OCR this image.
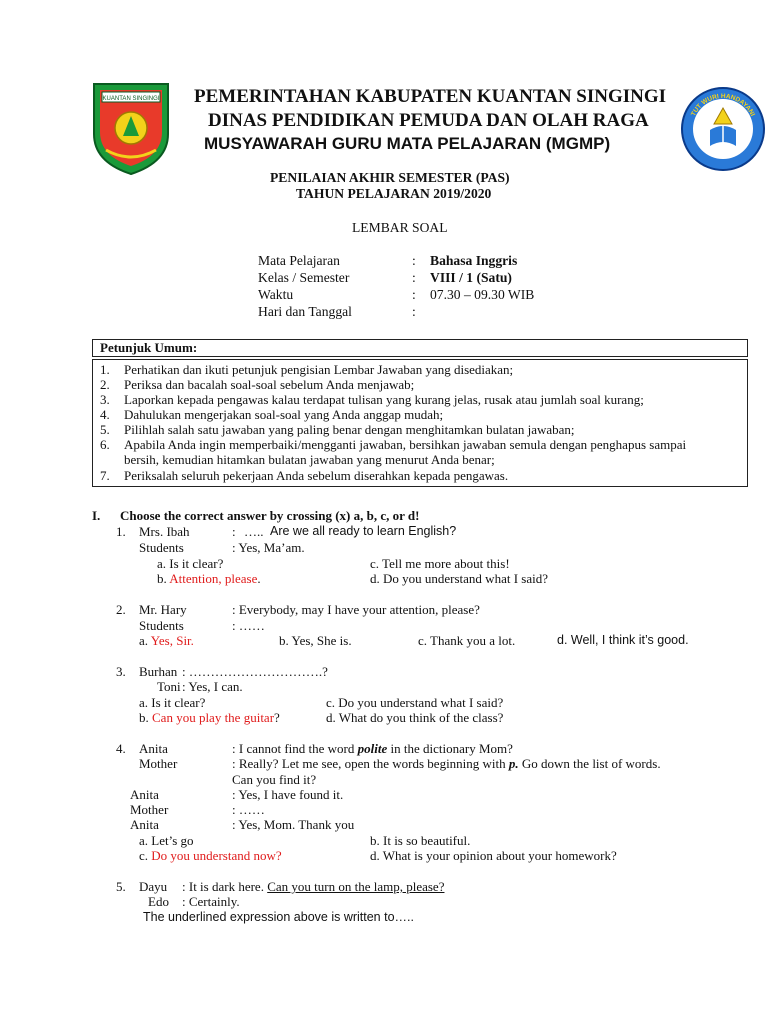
KUANTAN SINGINGI
TUT WURI HANDAYANI
PEMERINTAHAN KABUPATEN KUANTAN SINGINGI
DINAS PENDIDIKAN PEMUDA DAN OLAH RAGA
MUSYAWARAH GURU MATA PELAJARAN (MGMP)
PENILAIAN AKHIR SEMESTER (PAS)
TAHUN PELAJARAN 2019/2020
LEMBAR SOAL
Mata Pelajaran	: Bahasa Inggris
Kelas / Semester	: VIII / 1 (Satu)
Waktu	: 07.30 – 09.30 WIB
Hari dan Tanggal	:
Petunjuk Umum:
1. Perhatikan dan ikuti petunjuk pengisian Lembar Jawaban yang disediakan;
2. Periksa dan bacalah soal-soal sebelum Anda menjawab;
3. Laporkan kepada pengawas kalau terdapat tulisan yang kurang jelas, rusak atau jumlah soal kurang;
4. Dahulukan mengerjakan soal-soal yang Anda anggap mudah;
5. Pilihlah salah satu jawaban yang paling benar dengan menghitamkan bulatan jawaban;
6. Apabila Anda ingin memperbaiki/mengganti jawaban, bersihkan jawaban semula dengan penghapus sampai
bersih, kemudian hitamkan bulatan jawaban yang menurut Anda benar;
7. Periksalah seluruh pekerjaan Anda sebelum diserahkan kepada pengawas.
I. Choose the correct answer by crossing (x) a, b, c, or d!
1. Mrs. Ibah	: ….. Are we all ready to learn English?
Students	: Yes, Ma’am.
a. Is it clear?	c. Tell me more about this!
b. Attention, please.	d. Do you understand what I said?
2. Mr. Hary	: Everybody, may I have your attention, please?
Students	: ……
a. Yes, Sir.	b. Yes, She is.	c. Thank you a lot.	d. Well, I think it’s good.
3. Burhan : ………………………….?
Toni : Yes, I can.
a. Is it clear?	c. Do you understand what I said?
b. Can you play the guitar?	d. What do you think of the class?
4. Anita	: I cannot find the word polite in the dictionary Mom?
Mother	: Really? Let me see, open the words beginning with p. Go down the list of words.
Can you find it?
Anita	: Yes, I have found it.
Mother	: ……
Anita	: Yes, Mom. Thank you
a. Let’s go	b. It is so beautiful.
c. Do you understand now?	d. What is your opinion about your homework?
5. Dayu : It is dark here. Can you turn on the lamp, please?
Edo : Certainly.
The underlined expression above is written to…..
